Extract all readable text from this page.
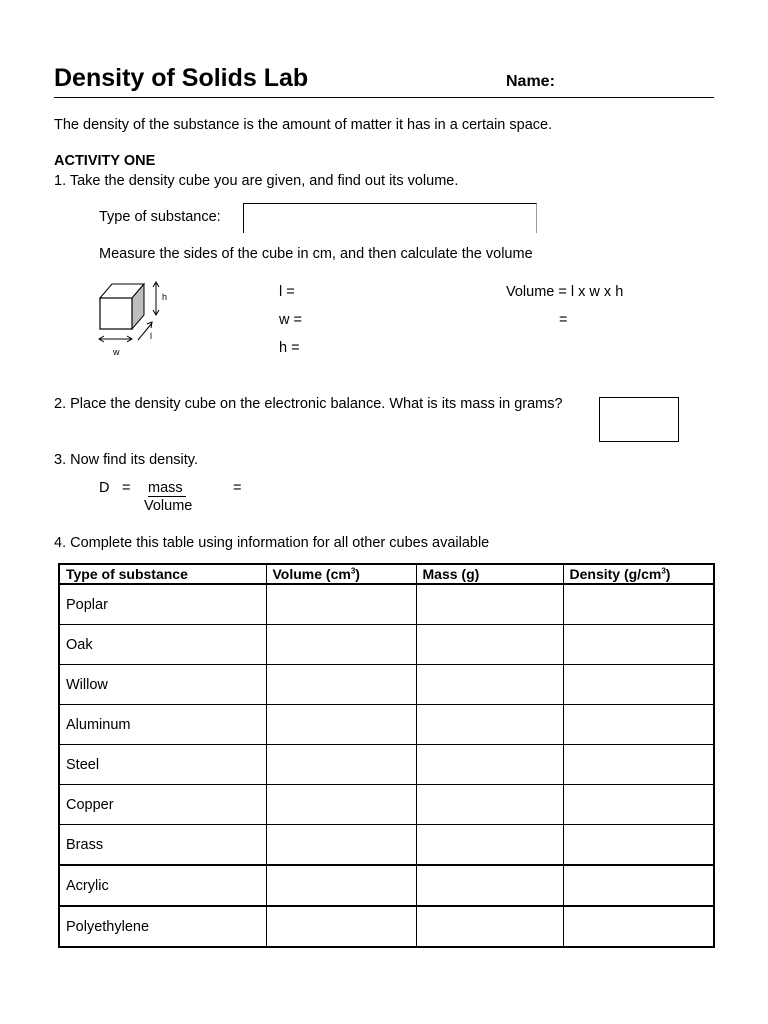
Density of Solids Lab	Name:
The density of the substance is the amount of matter it has in a certain space.
ACTIVITY ONE
1. Take the density cube you are given, and find out its volume.
Type of substance:
Measure the sides of the cube in cm, and then calculate the volume
h
l
w
l =
w =
h =
Volume = l x w x h
=
2. Place the density cube on the electronic balance. What is its mass in grams?
3. Now find its density.
D = mass	=
Volume
4. Complete this table using information for all other cubes available
Type of substance	Volume $(cm^3)$	Mass (g)	Density $(g/cm^3)$
Poplar			
Oak			
Willow			
Aluminum			
Steel			
Copper			
Brass			
Acrylic			
Polyethylene			
